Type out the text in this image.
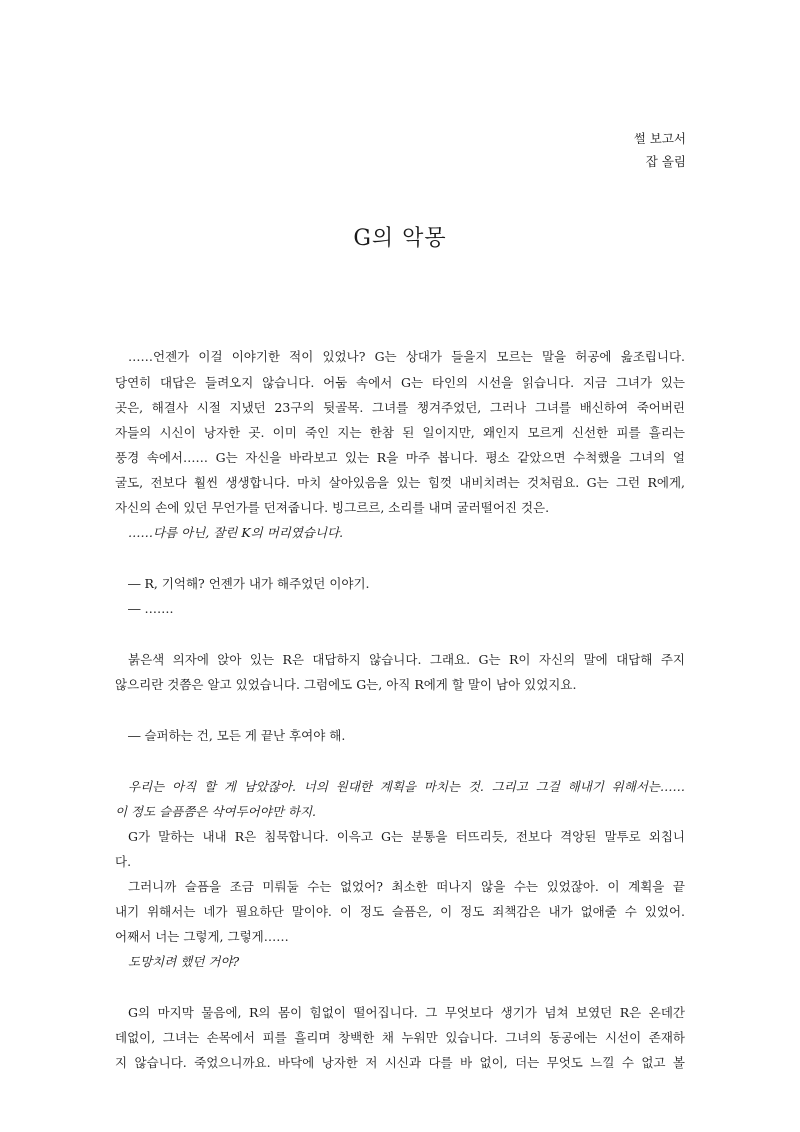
썰 보고서
잡 올림
G의 악몽
……언젠가 이걸 이야기한 적이 있었나? G는 상대가 들을지 모르는 말을 허공에 읊조립니다.
당연히 대답은 들려오지 않습니다. 어둠 속에서 G는 타인의 시선을 읽습니다. 지금 그녀가 있는
곳은, 해결사 시절 지냈던 23구의 뒷골목. 그녀를 챙겨주었던, 그러나 그녀를 배신하여 죽어버린
자들의 시신이 낭자한 곳. 이미 죽인 지는 한참 된 일이지만, 왜인지 모르게 신선한 피를 흘리는
풍경 속에서…… G는 자신을 바라보고 있는 R을 마주 봅니다. 평소 같았으면 수척했을 그녀의 얼
굴도, 전보다 훨씬 생생합니다. 마치 살아있음을 있는 힘껏 내비치려는 것처럼요. G는 그런 R에게,
자신의 손에 있던 무언가를 던져줍니다. 빙그르르, 소리를 내며 굴러떨어진 것은.
……다름 아닌, 잘린 K의 머리였습니다.
― R, 기억해? 언젠가 내가 해주었던 이야기.
― …….
붉은색 의자에 앉아 있는 R은 대답하지 않습니다. 그래요. G는 R이 자신의 말에 대답해 주지
않으리란 것쯤은 알고 있었습니다. 그럼에도 G는, 아직 R에게 할 말이 남아 있었지요.
― 슬퍼하는 건, 모든 게 끝난 후여야 해.
우리는 아직 할 게 남았잖아. 너의 원대한 계획을 마치는 것. 그리고 그걸 해내기 위해서는……
이 정도 슬픔쯤은 삭여두어야만 하지.
G가 말하는 내내 R은 침묵합니다. 이윽고 G는 분통을 터뜨리듯, 전보다 격앙된 말투로 외칩니
다.
그러니까 슬픔을 조금 미뤄둘 수는 없었어? 최소한 떠나지 않을 수는 있었잖아. 이 계획을 끝
내기 위해서는 네가 필요하단 말이야. 이 정도 슬픔은, 이 정도 죄책감은 내가 없애줄 수 있었어.
어째서 너는 그렇게, 그렇게……
도망치려 했던 거야?
G의 마지막 물음에, R의 몸이 힘없이 떨어집니다. 그 무엇보다 생기가 넘쳐 보였던 R은 온데간
데없이, 그녀는 손목에서 피를 흘리며 창백한 채 누워만 있습니다. 그녀의 동공에는 시선이 존재하
지 않습니다. 죽었으니까요. 바닥에 낭자한 저 시신과 다를 바 없이, 더는 무엇도 느낄 수 없고 볼
